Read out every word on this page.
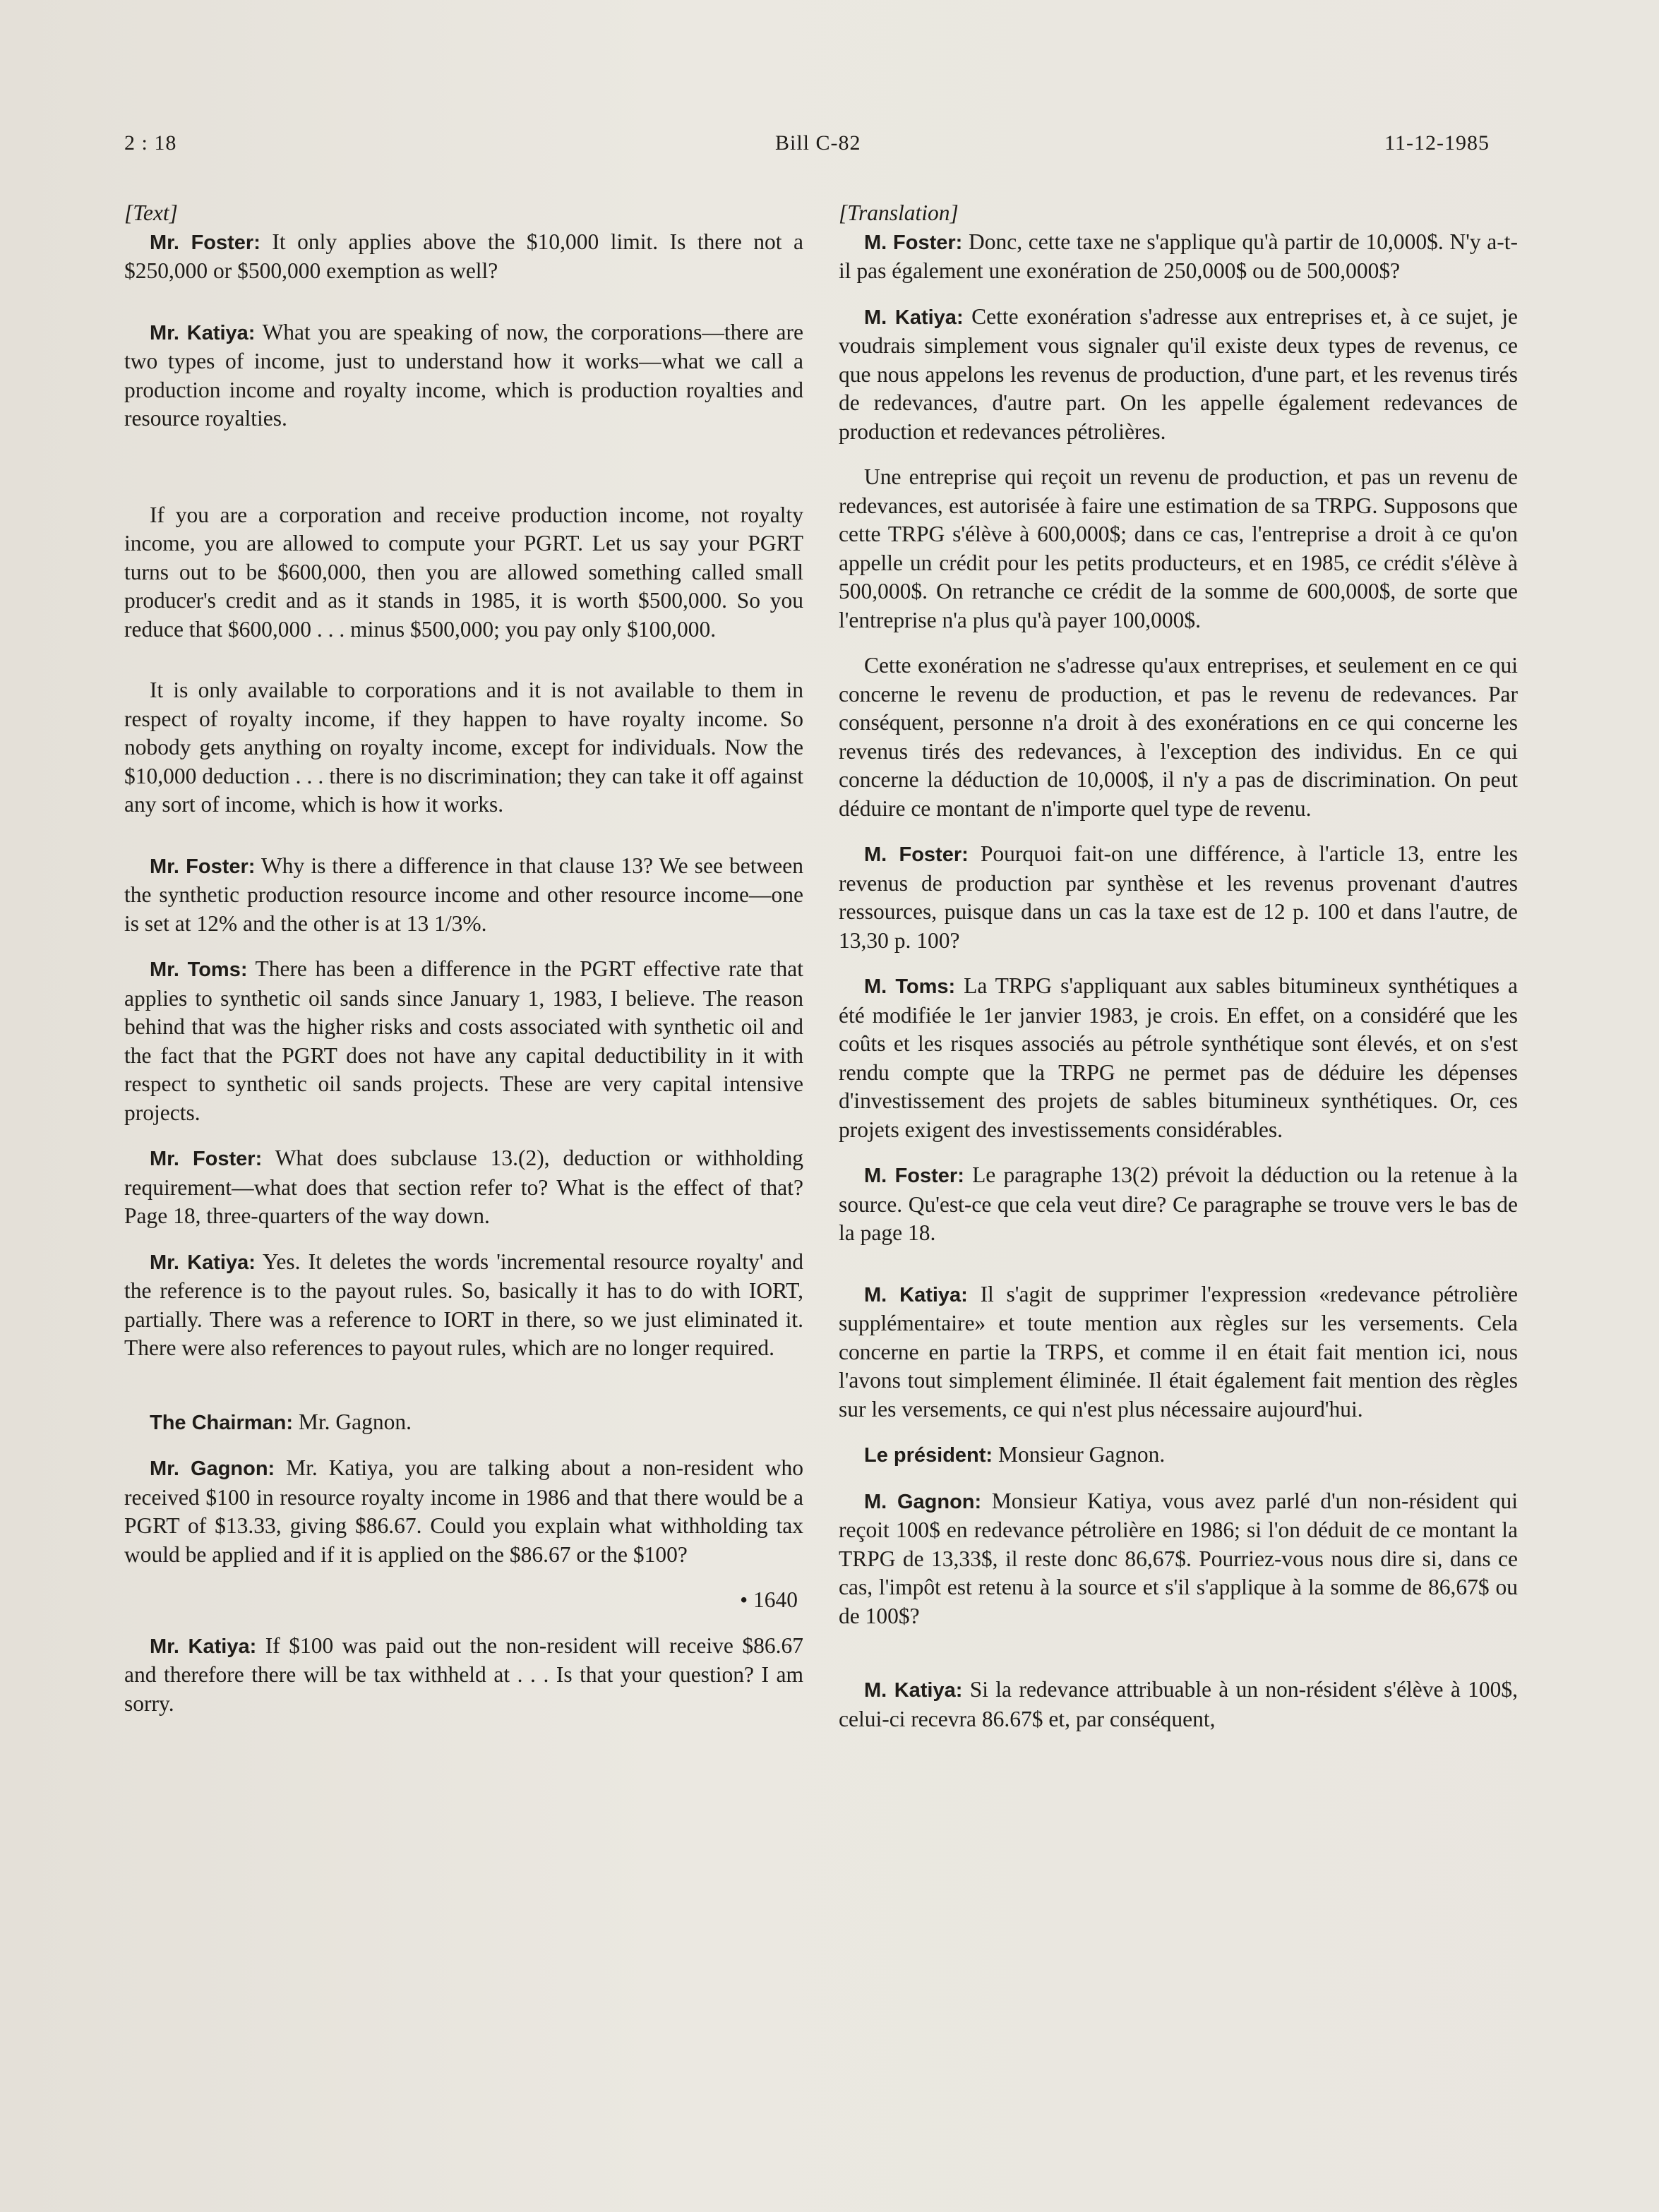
2 : 18	Bill C-82	11-12-1985

[Text]

Mr. Foster: It only applies above the $10,000 limit. Is there not a $250,000 or $500,000 exemption as well?

Mr. Katiya: What you are speaking of now, the corporations—there are two types of income, just to understand how it works—what we call a production income and royalty income, which is production royalties and resource royalties.

If you are a corporation and receive production income, not royalty income, you are allowed to compute your PGRT. Let us say your PGRT turns out to be $600,000, then you are allowed something called small producer's credit and as it stands in 1985, it is worth $500,000. So you reduce that $600,000 . . . minus $500,000; you pay only $100,000.

It is only available to corporations and it is not available to them in respect of royalty income, if they happen to have royalty income. So nobody gets anything on royalty income, except for individuals. Now the $10,000 deduction . . . there is no discrimination; they can take it off against any sort of income, which is how it works.

Mr. Foster: Why is there a difference in that clause 13? We see between the synthetic production resource income and other resource income—one is set at 12% and the other is at 13 1/3%.

Mr. Toms: There has been a difference in the PGRT effective rate that applies to synthetic oil sands since January 1, 1983, I believe. The reason behind that was the higher risks and costs associated with synthetic oil and the fact that the PGRT does not have any capital deductibility in it with respect to synthetic oil sands projects. These are very capital intensive projects.

Mr. Foster: What does subclause 13.(2), deduction or withholding requirement—what does that section refer to? What is the effect of that? Page 18, three-quarters of the way down.

Mr. Katiya: Yes. It deletes the words 'incremental resource royalty' and the reference is to the payout rules. So, basically it has to do with IORT, partially. There was a reference to IORT in there, so we just eliminated it. There were also references to payout rules, which are no longer required.

The Chairman: Mr. Gagnon.

Mr. Gagnon: Mr. Katiya, you are talking about a non-resident who received $100 in resource royalty income in 1986 and that there would be a PGRT of $13.33, giving $86.67. Could you explain what withholding tax would be applied and if it is applied on the $86.67 or the $100?

• 1640

Mr. Katiya: If $100 was paid out the non-resident will receive $86.67 and therefore there will be tax withheld at . . . Is that your question? I am sorry.

[Translation]

M. Foster: Donc, cette taxe ne s'applique qu'à partir de 10,000$. N'y a-t-il pas également une exonération de 250,000$ ou de 500,000$?

M. Katiya: Cette exonération s'adresse aux entreprises et, à ce sujet, je voudrais simplement vous signaler qu'il existe deux types de revenus, ce que nous appelons les revenus de production, d'une part, et les revenus tirés de redevances, d'autre part. On les appelle également redevances de production et redevances pétrolières.

Une entreprise qui reçoit un revenu de production, et pas un revenu de redevances, est autorisée à faire une estimation de sa TRPG. Supposons que cette TRPG s'élève à 600,000$; dans ce cas, l'entreprise a droit à ce qu'on appelle un crédit pour les petits producteurs, et en 1985, ce crédit s'élève à 500,000$. On retranche ce crédit de la somme de 600,000$, de sorte que l'entreprise n'a plus qu'à payer 100,000$.

Cette exonération ne s'adresse qu'aux entreprises, et seulement en ce qui concerne le revenu de production, et pas le revenu de redevances. Par conséquent, personne n'a droit à des exonérations en ce qui concerne les revenus tirés des redevances, à l'exception des individus. En ce qui concerne la déduction de 10,000$, il n'y a pas de discrimination. On peut déduire ce montant de n'importe quel type de revenu.

M. Foster: Pourquoi fait-on une différence, à l'article 13, entre les revenus de production par synthèse et les revenus provenant d'autres ressources, puisque dans un cas la taxe est de 12 p. 100 et dans l'autre, de 13,30 p. 100?

M. Toms: La TRPG s'appliquant aux sables bitumineux synthétiques a été modifiée le 1er janvier 1983, je crois. En effet, on a considéré que les coûts et les risques associés au pétrole synthétique sont élevés, et on s'est rendu compte que la TRPG ne permet pas de déduire les dépenses d'investissement des projets de sables bitumineux synthétiques. Or, ces projets exigent des investissements considérables.

M. Foster: Le paragraphe 13(2) prévoit la déduction ou la retenue à la source. Qu'est-ce que cela veut dire? Ce paragraphe se trouve vers le bas de la page 18.

M. Katiya: Il s'agit de supprimer l'expression «redevance pétrolière supplémentaire» et toute mention aux règles sur les versements. Cela concerne en partie la TRPS, et comme il en était fait mention ici, nous l'avons tout simplement éliminée. Il était également fait mention des règles sur les versements, ce qui n'est plus nécessaire aujourd'hui.

Le président: Monsieur Gagnon.

M. Gagnon: Monsieur Katiya, vous avez parlé d'un non-résident qui reçoit 100$ en redevance pétrolière en 1986; si l'on déduit de ce montant la TRPG de 13,33$, il reste donc 86,67$. Pourriez-vous nous dire si, dans ce cas, l'impôt est retenu à la source et s'il s'applique à la somme de 86,67$ ou de 100$?

M. Katiya: Si la redevance attribuable à un non-résident s'élève à 100$, celui-ci recevra 86.67$ et, par conséquent,
